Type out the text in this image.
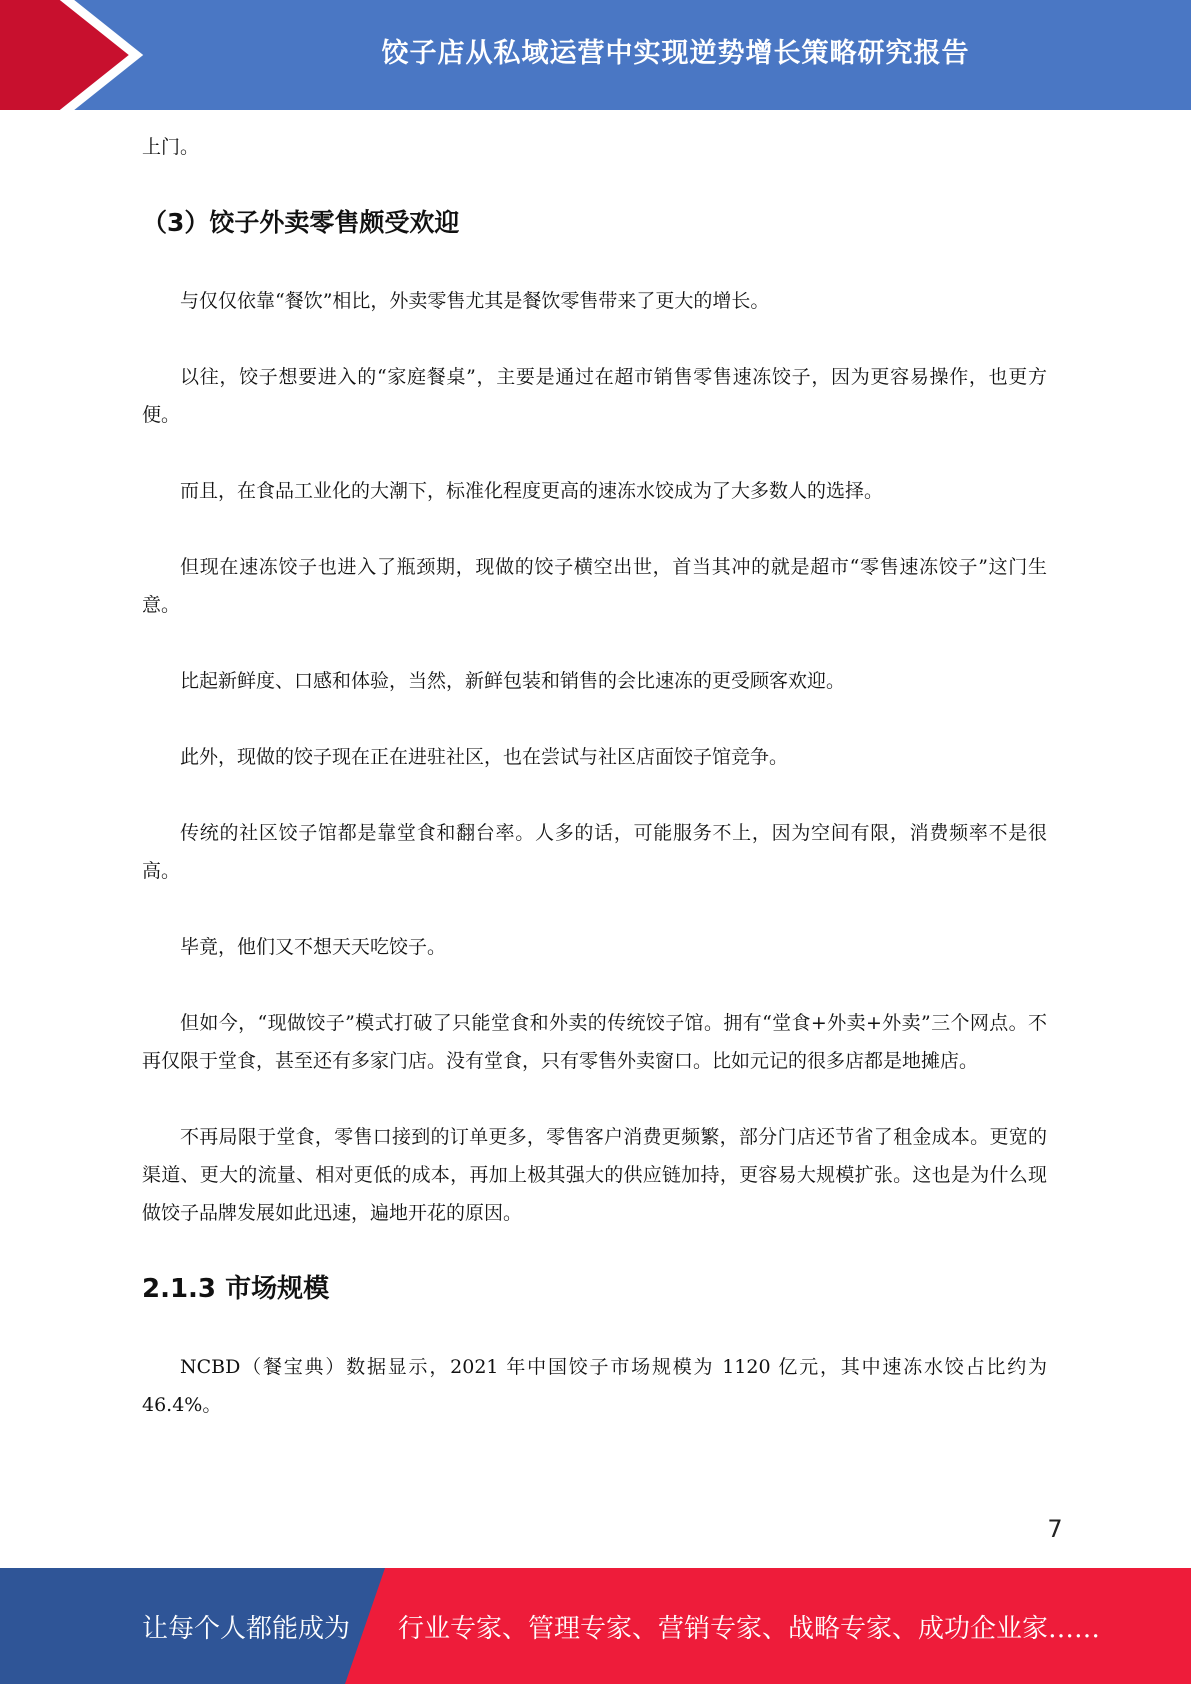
饺子店从私域运营中实现逆势增长策略研究报告

上门。

（3）饺子外卖零售颇受欢迎

与仅仅依靠“餐饮”相比，外卖零售尤其是餐饮零售带来了更大的增长。

以往，饺子想要进入的“家庭餐桌”，主要是通过在超市销售零售速冻饺子，因为更容易操作，也更方便。

而且，在食品工业化的大潮下，标准化程度更高的速冻水饺成为了大多数人的选择。

但现在速冻饺子也进入了瓶颈期，现做的饺子横空出世，首当其冲的就是超市“零售速冻饺子”这门生意。

比起新鲜度、口感和体验，当然，新鲜包装和销售的会比速冻的更受顾客欢迎。

此外，现做的饺子现在正在进驻社区，也在尝试与社区店面饺子馆竞争。

传统的社区饺子馆都是靠堂食和翻台率。人多的话，可能服务不上，因为空间有限，消费频率不是很高。

毕竟，他们又不想天天吃饺子。

但如今，“现做饺子”模式打破了只能堂食和外卖的传统饺子馆。拥有“堂食+外卖+外卖”三个网点。不再仅限于堂食，甚至还有多家门店。没有堂食，只有零售外卖窗口。比如元记的很多店都是地摊店。

不再局限于堂食，零售口接到的订单更多，零售客户消费更频繁，部分门店还节省了租金成本。更宽的渠道、更大的流量、相对更低的成本，再加上极其强大的供应链加持，更容易大规模扩张。这也是为什么现做饺子品牌发展如此迅速，遍地开花的原因。

2.1.3 市场规模

NCBD（餐宝典）数据显示，2021 年中国饺子市场规模为 1120 亿元，其中速冻水饺占比约为 46.4%。

7
让每个人都能成为 行业专家、管理专家、营销专家、战略专家、成功企业家……
